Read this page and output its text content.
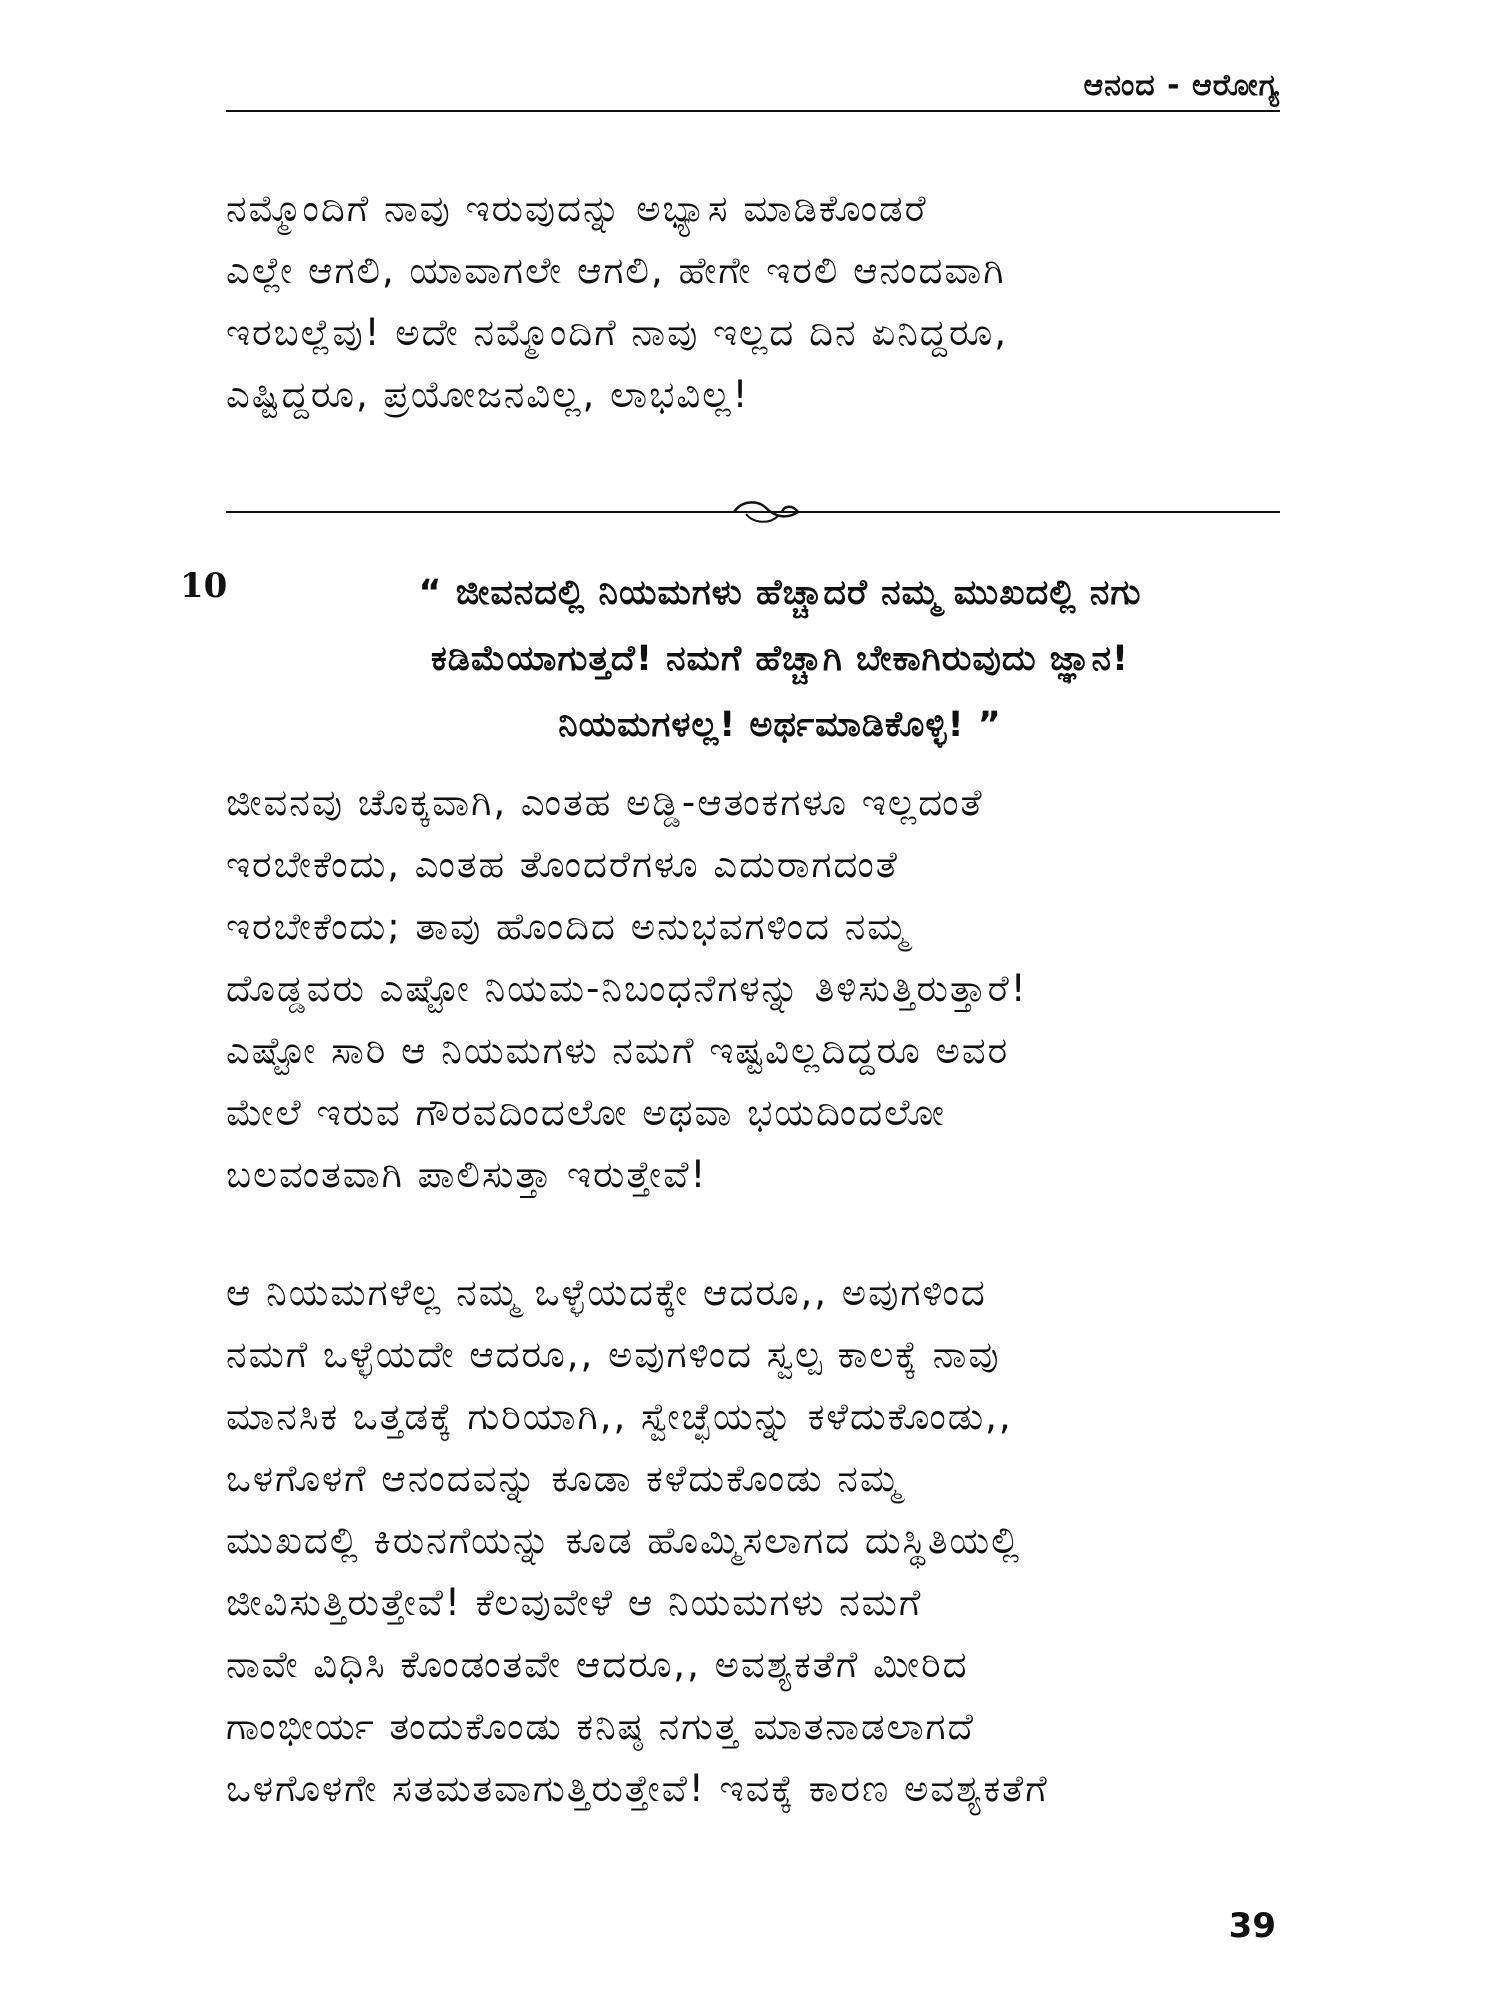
ಆನಂದ - ಆರೋಗ್ಯ
ನಮ್ಮೊಂದಿಗೆ ನಾವು ಇರುವುದನ್ನು ಅಭ್ಯಾಸ ಮಾಡಿಕೊಂಡರೆ
ಎಲ್ಲೇ ಆಗಲಿ, ಯಾವಾಗಲೇ ಆಗಲಿ, ಹೇಗೇ ಇರಲಿ ಆನಂದವಾಗಿ
ಇರಬಲ್ಲೆವು! ಅದೇ ನಮ್ಮೊಂದಿಗೆ ನಾವು ಇಲ್ಲದ ದಿನ ಏನಿದ್ದರೂ,
ಎಷ್ಟಿದ್ದರೂ, ಪ್ರಯೋಜನವಿಲ್ಲ, ಲಾಭವಿಲ್ಲ!
10	“ ಜೀವನದಲ್ಲಿ ನಿಯಮಗಳು ಹೆಚ್ಚಾದರೆ ನಮ್ಮ ಮುಖದಲ್ಲಿ ನಗು
ಕಡಿಮೆಯಾಗುತ್ತದೆ! ನಮಗೆ ಹೆಚ್ಚಾಗಿ ಬೇಕಾಗಿರುವುದು ಜ್ಞಾನ!
ನಿಯಮಗಳಲ್ಲ! ಅರ್ಥಮಾಡಿಕೊಳ್ಳಿ! ”
ಜೀವನವು ಚೊಕ್ಕವಾಗಿ, ಎಂತಹ ಅಡ್ಡಿ-ಆತಂಕಗಳೂ ಇಲ್ಲದಂತೆ
ಇರಬೇಕೆಂದು, ಎಂತಹ ತೊಂದರೆಗಳೂ ಎದುರಾಗದಂತೆ
ಇರಬೇಕೆಂದು; ತಾವು ಹೊಂದಿದ ಅನುಭವಗಳಿಂದ ನಮ್ಮ
ದೊಡ್ಡವರು ಎಷ್ಟೋ ನಿಯಮ-ನಿಬಂಧನೆಗಳನ್ನು ತಿಳಿಸುತ್ತಿರುತ್ತಾರೆ!
ಎಷ್ಟೋ ಸಾರಿ ಆ ನಿಯಮಗಳು ನಮಗೆ ಇಷ್ಟವಿಲ್ಲದಿದ್ದರೂ ಅವರ
ಮೇಲೆ ಇರುವ ಗೌರವದಿಂದಲೋ ಅಥವಾ ಭಯದಿಂದಲೋ
ಬಲವಂತವಾಗಿ ಪಾಲಿಸುತ್ತಾ ಇರುತ್ತೇವೆ!
ಆ ನಿಯಮಗಳೆಲ್ಲ ನಮ್ಮ ಒಳ್ಳೆಯದಕ್ಕೇ ಆದರೂ,, ಅವುಗಳಿಂದ
ನಮಗೆ ಒಳ್ಳೆಯದೇ ಆದರೂ,, ಅವುಗಳಿಂದ ಸ್ವಲ್ಪ ಕಾಲಕ್ಕೆ ನಾವು
ಮಾನಸಿಕ ಒತ್ತಡಕ್ಕೆ ಗುರಿಯಾಗಿ,, ಸ್ವೇಚ್ಛೆಯನ್ನು ಕಳೆದುಕೊಂಡು,,
ಒಳಗೊಳಗೆ ಆನಂದವನ್ನು ಕೂಡಾ ಕಳೆದುಕೊಂಡು ನಮ್ಮ
ಮುಖದಲ್ಲಿ ಕಿರುನಗೆಯನ್ನು ಕೂಡ ಹೊಮ್ಮಿಸಲಾಗದ ದುಸ್ಥಿತಿಯಲ್ಲಿ
ಜೀವಿಸುತ್ತಿರುತ್ತೇವೆ! ಕೆಲವುವೇಳೆ ಆ ನಿಯಮಗಳು ನಮಗೆ
ನಾವೇ ವಿಧಿಸಿ ಕೊಂಡಂತವೇ ಆದರೂ,, ಅವಶ್ಯಕತೆಗೆ ಮೀರಿದ
ಗಾಂಭೀರ್ಯ ತಂದುಕೊಂಡು ಕನಿಷ್ಠ ನಗುತ್ತ ಮಾತನಾಡಲಾಗದೆ
ಒಳಗೊಳಗೇ ಸತಮತವಾಗುತ್ತಿರುತ್ತೇವೆ! ಇವಕ್ಕೆ ಕಾರಣ ಅವಶ್ಯಕತೆಗೆ
39
